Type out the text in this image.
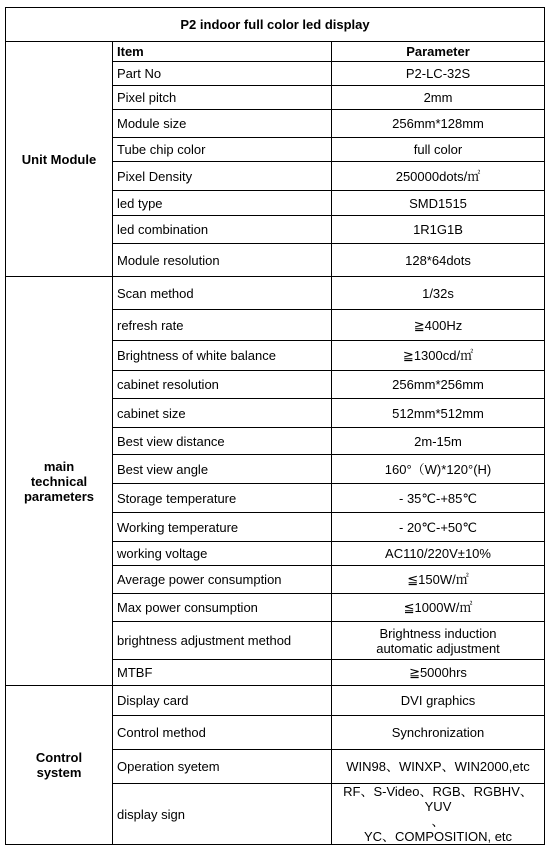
P2 indoor full color led display		
Unit Module	Item	Parameter
	Part No	P2-LC-32S
	Pixel pitch	2mm
	Module size	256mm*128mm
	Tube chip color	full color
	Pixel Density	250000dots/㎡
	led type	SMD1515
	led combination	1R1G1B
	Module resolution	128*64dots

main
technical
parameters	Scan method	1/32s
	refresh rate	≧400Hz
	Brightness of white balance	≧1300cd/㎡
	cabinet resolution	256mm*256mm
	cabinet size	512mm*512mm
	Best view distance	2m-15m
	Best view angle	160°（W)*120°(H)
	Storage temperature	- 35℃-+85℃
	Working temperature	- 20℃-+50℃
	working voltage	AC110/220V±10%
	Average power consumption	≦150W/㎡
	Max power consumption	≦1000W/㎡
	brightness adjustment method	Brightness induction
automatic adjustment

	MTBF	≧5000hrs

Control
system	Display card	DVI graphics
	Control method	Synchronization
	Operation syetem	WIN98、WINXP、WIN2000,etc
	display sign	RF、S-Video、RGB、RGBHV、YUV
、
YC、COMPOSITION, etc
